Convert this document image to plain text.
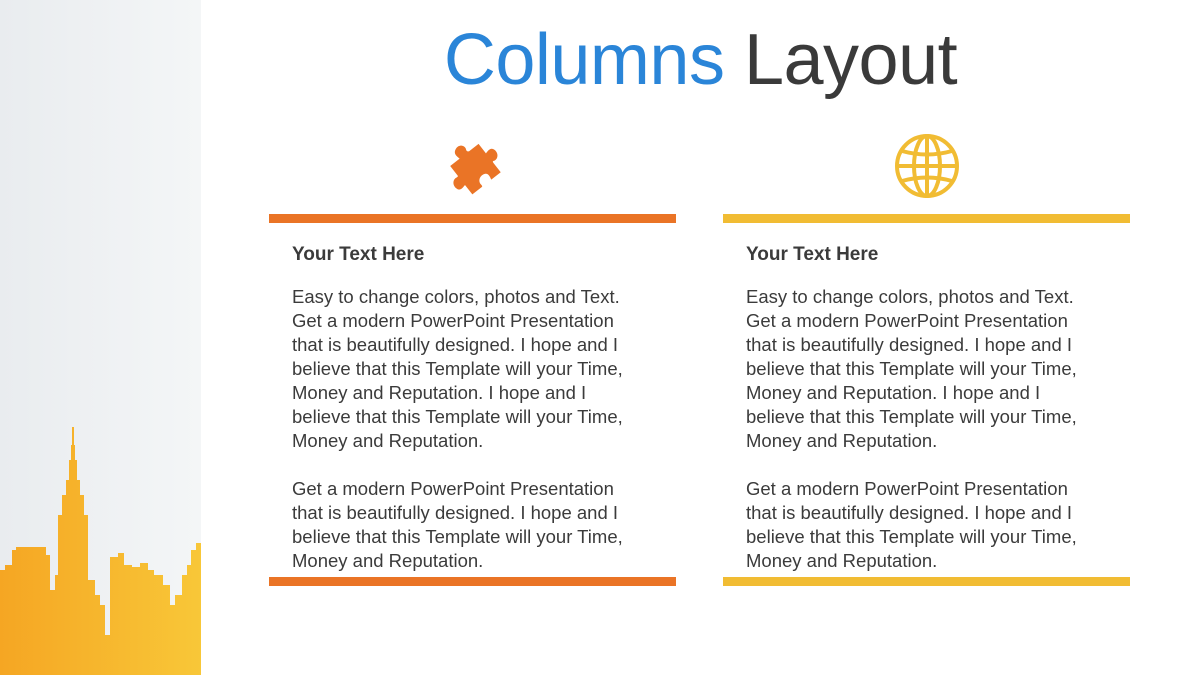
Columns Layout
Your Text Here
Easy to change colors, photos and Text.
Get a modern PowerPoint Presentation
that is beautifully designed. I hope and I
believe that this Template will your Time,
Money and Reputation. I hope and I
believe that this Template will your Time,
Money and Reputation.
Get a modern PowerPoint Presentation
that is beautifully designed. I hope and I
believe that this Template will your Time,
Money and Reputation.
Your Text Here
Easy to change colors, photos and Text.
Get a modern PowerPoint Presentation
that is beautifully designed. I hope and I
believe that this Template will your Time,
Money and Reputation. I hope and I
believe that this Template will your Time,
Money and Reputation.
Get a modern PowerPoint Presentation
that is beautifully designed. I hope and I
believe that this Template will your Time,
Money and Reputation.
